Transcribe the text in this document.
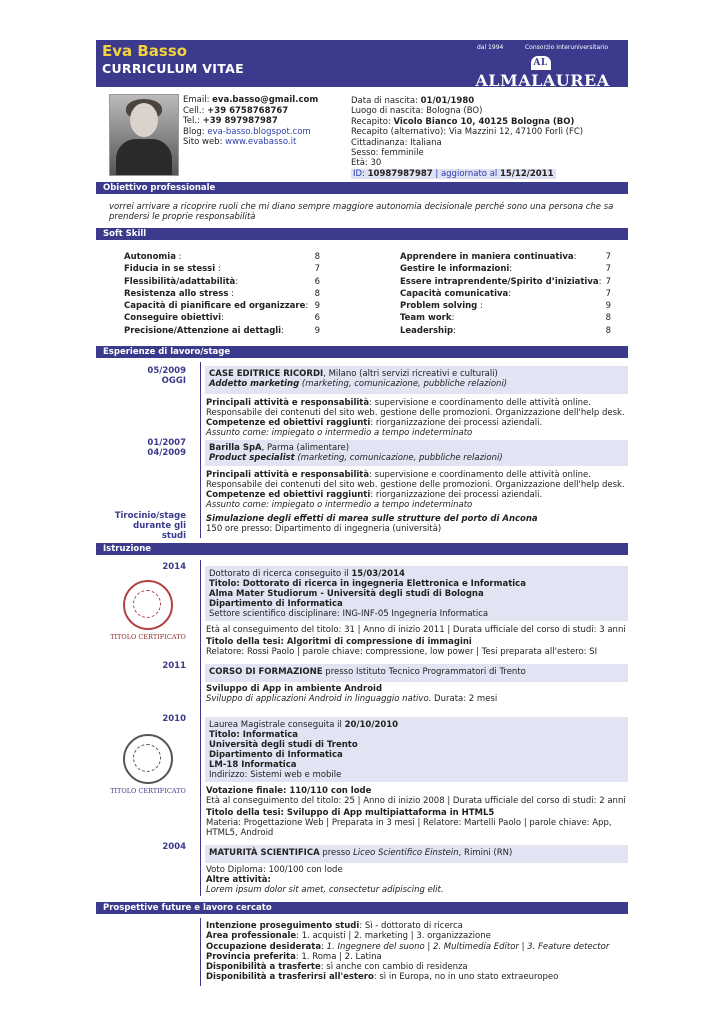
Eva Basso
CURRICULUM VITAE
dal 1994	Consorzio Interuniversitario
ALALMALAUREA
Un ponte fra Università e mondo del lavoro e delle professioni
Email: eva.basso@gmail.com
Cell.: +39 6758768767
Tel.: +39 897987987
Blog: eva-basso.blogspot.com
Sito web: www.evabasso.it
Data di nascita: 01/01/1980
Luogo di nascita: Bologna (BO)
Recapito: Vicolo Bianco 10, 40125 Bologna (BO)
Recapito (alternativo): Via Mazzini 12, 47100 Forlì (FC)
Cittadinanza: Italiana
Sesso: femminile
Età: 30
ID: 10987987987 | aggiornato al 15/12/2011
Obiettivo professionale
vorrei arrivare a ricoprire ruoli che mi diano sempre maggiore autonomia decisionale perché sono una persona che sa prendersi le proprie responsabilità
Soft Skill
Autonomia :	8
Fiducia in se stessi :	7
Flessibilità/adattabilità:	6
Resistenza allo stress :	8
Capacità di pianificare ed organizzare: 9
Conseguire obiettivi:	6
Precisione/Attenzione ai dettagli:	9
Apprendere in maniera continuativa:	7
Gestire le informazioni:	7
Essere intraprendente/Spirito d’iniziativa: 7
Capacità comunicativa:	7
Problem solving :	9
Team work:	8
Leadership:	8
Esperienze di lavoro/stage
05/2009
OGGI
CASE EDITRICE RICORDI, Milano (altri servizi ricreativi e culturali)
Addetto marketing (marketing, comunicazione, pubbliche relazioni)
Principali attività e responsabilità: supervisione e coordinamento delle attività online.
Responsabile dei contenuti del sito web. gestione delle promozioni. Organizzazione dell'help desk.
Competenze ed obiettivi raggiunti: riorganizzazione dei processi aziendali.
Assunto come: impiegato o intermedio a tempo indeterminato
01/2007
04/2009	Barilla SpA, Parma (alimentare)
Product specialist (marketing, comunicazione, pubbliche relazioni)
Principali attività e responsabilità: supervisione e coordinamento delle attività online.
Responsabile dei contenuti del sito web. gestione delle promozioni. Organizzazione dell'help desk.
Competenze ed obiettivi raggiunti: riorganizzazione dei processi aziendali.
Assunto come: impiegato o intermedio a tempo indeterminato
Tirocinio/stage
durante gli studi
Simulazione degli effetti di marea sulle strutture del porto di Ancona
150 ore presso: Dipartimento di ingegneria (università)
Istruzione
2014
TITOLO CERTIFICATO
Dottorato di ricerca conseguito il 15/03/2014
Titolo: Dottorato di ricerca in ingegneria Elettronica e Informatica
Alma Mater Studiorum - Università degli studi di Bologna
Dipartimento di Informatica
Settore scientifico disciplinare: ING-INF-05 Ingegneria Informatica
Età al conseguimento del titolo: 31 | Anno di inizio 2011 | Durata ufficiale del corso di studi: 3 anni
Titolo della tesi: Algoritmi di compressione di immagini
Relatore: Rossi Paolo | parole chiave: compressione, low power | Tesi preparata all'estero: SI
2011
CORSO DI FORMAZIONE presso Istituto Tecnico Programmatori di Trento
Sviluppo di App in ambiente Android
Sviluppo di applicazioni Android in linguaggio nativo. Durata: 2 mesi
2010
TITOLO CERTIFICATO
Laurea Magistrale conseguita il 20/10/2010
Titolo: Informatica
Università degli studi di Trento
Dipartimento di Informatica
LM-18 Informatica
Indirizzo: Sistemi web e mobile
Votazione finale: 110/110 con lode
Età al conseguimento del titolo: 25 | Anno di inizio 2008 | Durata ufficiale del corso di studi: 2 anni
Titolo della tesi: Sviluppo di App multipiattaforma in HTML5
Materia: Progettazione Web | Preparata in 3 mesi | Relatore: Martelli Paolo | parole chiave: App, HTML5, Android
2004
MATURITÀ SCIENTIFICA presso Liceo Scientifico Einstein, Rimini (RN)
Voto Diploma: 100/100 con lode
Altre attività:
Lorem ipsum dolor sit amet, consectetur adipiscing elit.
Prospettive future e lavoro cercato
Intenzione proseguimento studi: Sì - dottorato di ricerca
Area professionale: 1. acquisti | 2. marketing | 3. organizzazione
Occupazione desiderata: 1. Ingegnere del suono | 2. Multimedia Editor | 3. Feature detector
Provincia preferita: 1. Roma | 2. Latina
Disponibilità a trasferte: sì anche con cambio di residenza
Disponibilità a trasferirsi all'estero: sì in Europa, no in uno stato extraeuropeo
